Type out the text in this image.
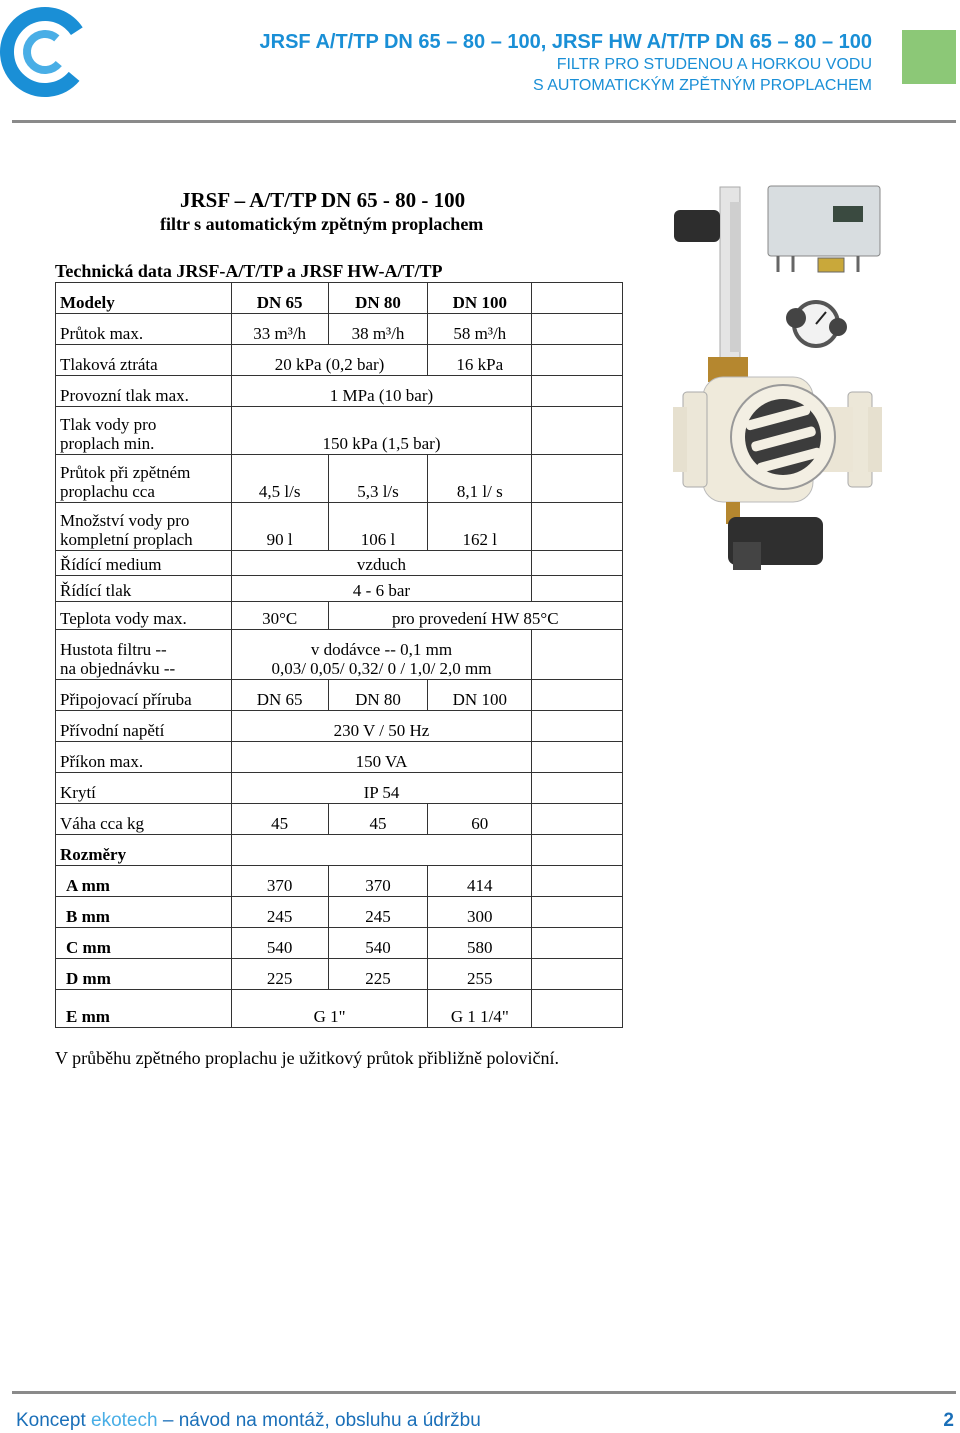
JRSF A/T/TP DN 65 – 80 – 100, JRSF HW A/T/TP DN 65 – 80 – 100
FILTR PRO STUDENOU A HORKOU VODU
S AUTOMATICKÝM ZPĚTNÝM PROPLACHEM
JRSF – A/T/TP DN 65 - 80 - 100
filtr s automatickým zpětným proplachem
Technická data JRSF-A/T/TP a JRSF HW-A/T/TP
Modely	DN 65	DN 80	DN 100	
Průtok max.	33 m³/h	38 m³/h	58 m³/h	
Tlaková ztráta	20 kPa (0,2 bar)		16 kPa	
Provozní tlak max.	1 MPa (10 bar)			
Tlak vody pro
proplach min.	150 kPa (1,5 bar)			
Průtok při zpětném
proplachu cca	4,5 l/s	5,3 l/s	8,1 l/ s	
Množství vody pro
kompletní proplach	90 l	106 l	162 l	
Řídící medium	vzduch			
Řídící tlak	4 - 6 bar			
Teplota vody max.	30°C	pro provedení HW 85°C		
Hustota filtru --
na objednávku --	v dodávce -- 0,1 mm
0,03/ 0,05/ 0,32/ 0 / 1,0/ 2,0 mm			
Připojovací příruba	DN 65	DN 80	DN 100	
Přívodní napětí	230 V / 50 Hz			
Příkon max.	150 VA			
Krytí	IP 54			
Váha cca kg	45	45	60	
Rozměry				
A mm	370	370	414	
B mm	245	245	300	
C mm	540	540	580	
D mm	225	225	255	
E mm	G 1"		G 1 1/4"	
V průběhu zpětného proplachu je užitkový průtok přibližně poloviční.
Koncept ekotech – návod na montáž, obsluhu a údržbu	2
